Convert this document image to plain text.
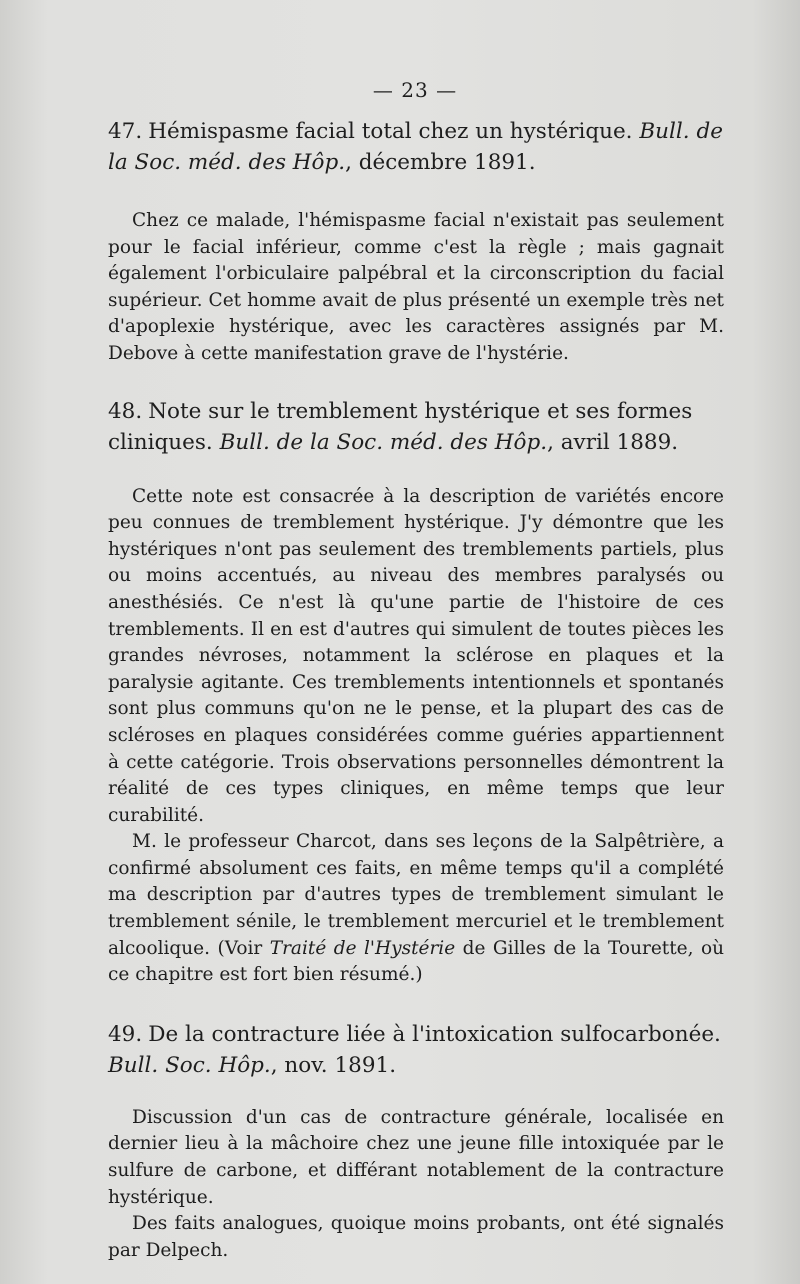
— 23 —

47. Hémispasme facial total chez un hystérique. Bull. de la Soc. méd. des Hôp., décembre 1891.

Chez ce malade, l'hémispasme facial n'existait pas seulement pour le facial inférieur, comme c'est la règle ; mais gagnait également l'orbiculaire palpébral et la circonscription du facial supérieur. Cet homme avait de plus présenté un exemple très net d'apoplexie hystérique, avec les caractères assignés par M. Debove à cette manifestation grave de l'hystérie.

48. Note sur le tremblement hystérique et ses formes cliniques. Bull. de la Soc. méd. des Hôp., avril 1889.

Cette note est consacrée à la description de variétés encore peu connues de tremblement hystérique. J'y démontre que les hystériques n'ont pas seulement des tremblements partiels, plus ou moins accentués, au niveau des membres paralysés ou anesthésiés. Ce n'est là qu'une partie de l'histoire de ces tremblements. Il en est d'autres qui simulent de toutes pièces les grandes névroses, notamment la sclérose en plaques et la paralysie agitante. Ces tremblements intentionnels et spontanés sont plus communs qu'on ne le pense, et la plupart des cas de scléroses en plaques considérées comme guéries appartiennent à cette catégorie. Trois observations personnelles démontrent la réalité de ces types cliniques, en même temps que leur curabilité.

M. le professeur Charcot, dans ses leçons de la Salpêtrière, a confirmé absolument ces faits, en même temps qu'il a complété ma description par d'autres types de tremblement simulant le tremblement sénile, le tremblement mercuriel et le tremblement alcoolique. (Voir Traité de l'Hystérie de Gilles de la Tourette, où ce chapitre est fort bien résumé.)

49. De la contracture liée à l'intoxication sulfocarbonée. Bull. Soc. Hôp., nov. 1891.

Discussion d'un cas de contracture générale, localisée en dernier lieu à la mâchoire chez une jeune fille intoxiquée par le sulfure de carbone, et différant notablement de la contracture hystérique.

Des faits analogues, quoique moins probants, ont été signalés par Delpech.
